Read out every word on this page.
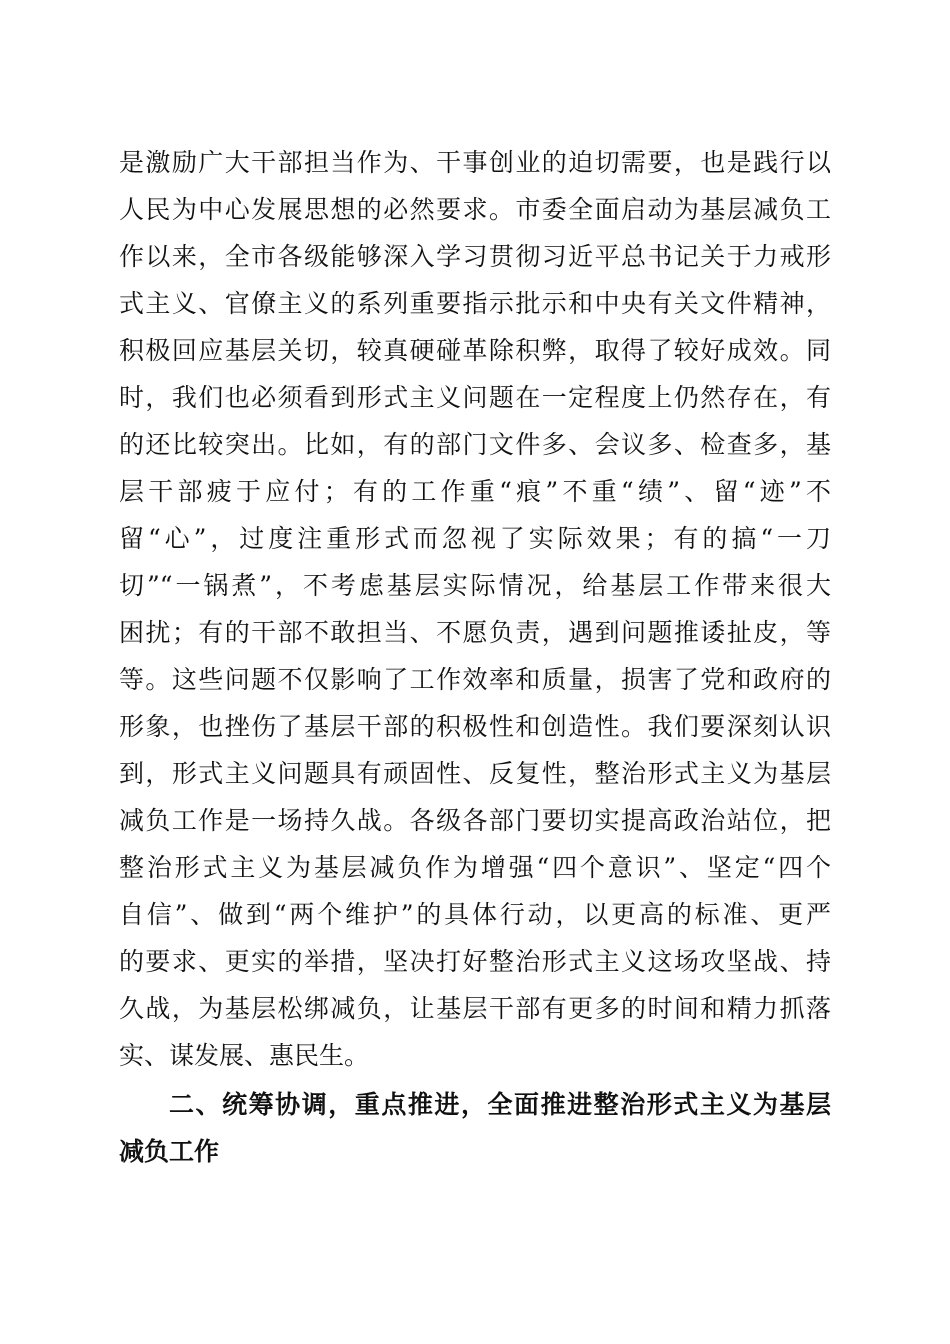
是激励广大干部担当作为、干事创业的迫切需要，也是践行以
人民为中心发展思想的必然要求。市委全面启动为基层减负工
作以来，全市各级能够深入学习贯彻习近平总书记关于力戒形
式主义、官僚主义的系列重要指示批示和中央有关文件精神，
积极回应基层关切，较真硬碰革除积弊，取得了较好成效。同
时，我们也必须看到形式主义问题在一定程度上仍然存在，有
的还比较突出。比如，有的部门文件多、会议多、检查多，基
层干部疲于应付；有的工作重“痕”不重“绩”、留“迹”不
留“心”，过度注重形式而忽视了实际效果；有的搞“一刀
切”“一锅煮”，不考虑基层实际情况，给基层工作带来很大
困扰；有的干部不敢担当、不愿负责，遇到问题推诿扯皮，等
等。这些问题不仅影响了工作效率和质量，损害了党和政府的
形象，也挫伤了基层干部的积极性和创造性。我们要深刻认识
到，形式主义问题具有顽固性、反复性，整治形式主义为基层
减负工作是一场持久战。各级各部门要切实提高政治站位，把
整治形式主义为基层减负作为增强“四个意识”、坚定“四个
自信”、做到“两个维护”的具体行动，以更高的标准、更严
的要求、更实的举措，坚决打好整治形式主义这场攻坚战、持
久战，为基层松绑减负，让基层干部有更多的时间和精力抓落
实、谋发展、惠民生。
二、统筹协调，重点推进，全面推进整治形式主义为基层
减负工作
